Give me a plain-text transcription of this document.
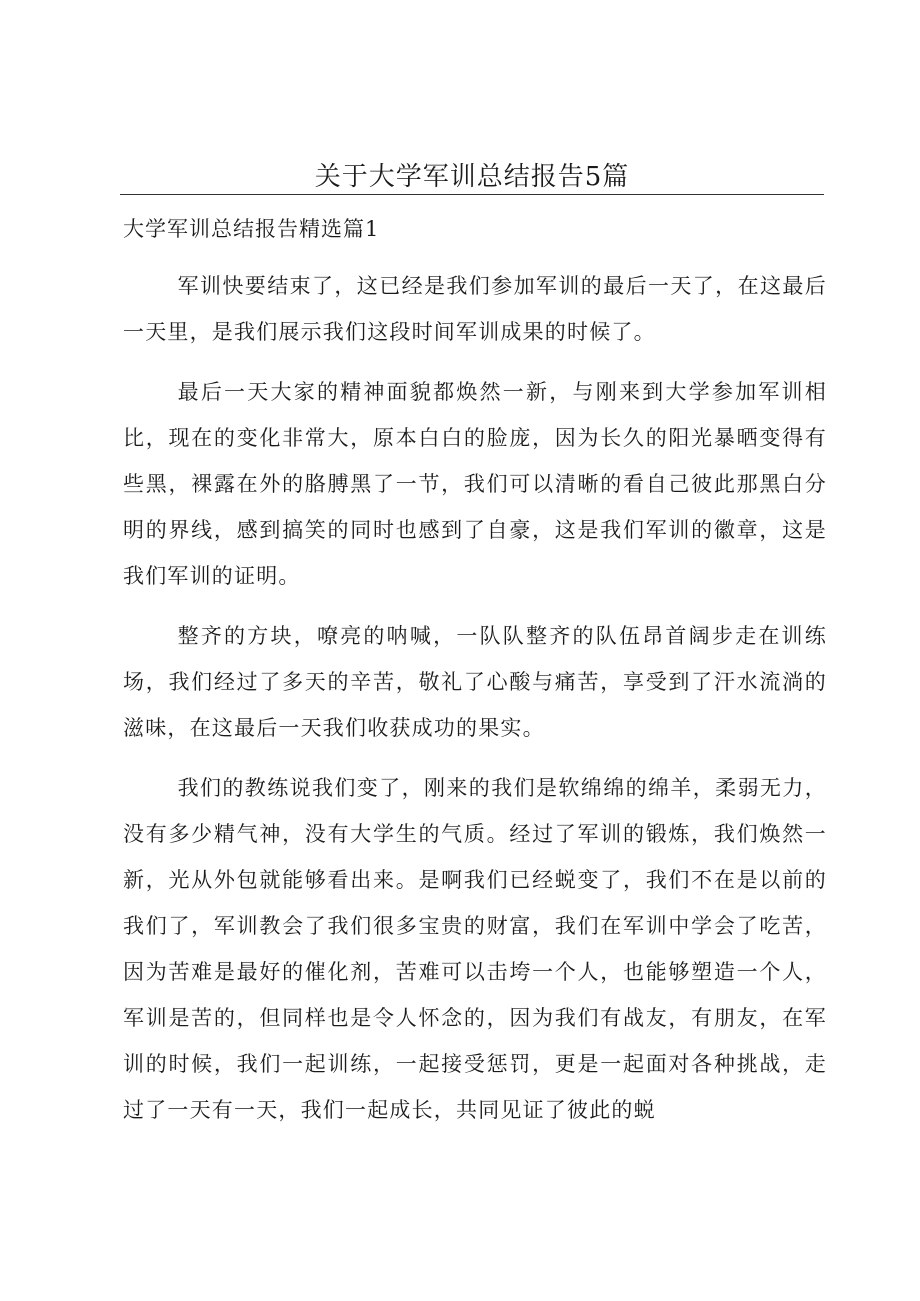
关于大学军训总结报告5篇
大学军训总结报告精选篇1

军训快要结束了，这已经是我们参加军训的最后一天了，在这最后一天里，是我们展示我们这段时间军训成果的时候了。

最后一天大家的精神面貌都焕然一新，与刚来到大学参加军训相比，现在的变化非常大，原本白白的脸庞，因为长久的阳光暴晒变得有些黑，裸露在外的胳膊黑了一节，我们可以清晰的看自己彼此那黑白分明的界线，感到搞笑的同时也感到了自豪，这是我们军训的徽章，这是我们军训的证明。

整齐的方块，嘹亮的呐喊，一队队整齐的队伍昂首阔步走在训练场，我们经过了多天的辛苦，敬礼了心酸与痛苦，享受到了汗水流淌的滋味，在这最后一天我们收获成功的果实。

我们的教练说我们变了，刚来的我们是软绵绵的绵羊，柔弱无力，没有多少精气神，没有大学生的气质。经过了军训的锻炼，我们焕然一新，光从外包就能够看出来。是啊我们已经蜕变了，我们不在是以前的我们了，军训教会了我们很多宝贵的财富，我们在军训中学会了吃苦，因为苦难是最好的催化剂，苦难可以击垮一个人，也能够塑造一个人，军训是苦的，但同样也是令人怀念的，因为我们有战友，有朋友，在军训的时候，我们一起训练，一起接受惩罚，更是一起面对各种挑战，走过了一天有一天，我们一起成长，共同见证了彼此的蜕
